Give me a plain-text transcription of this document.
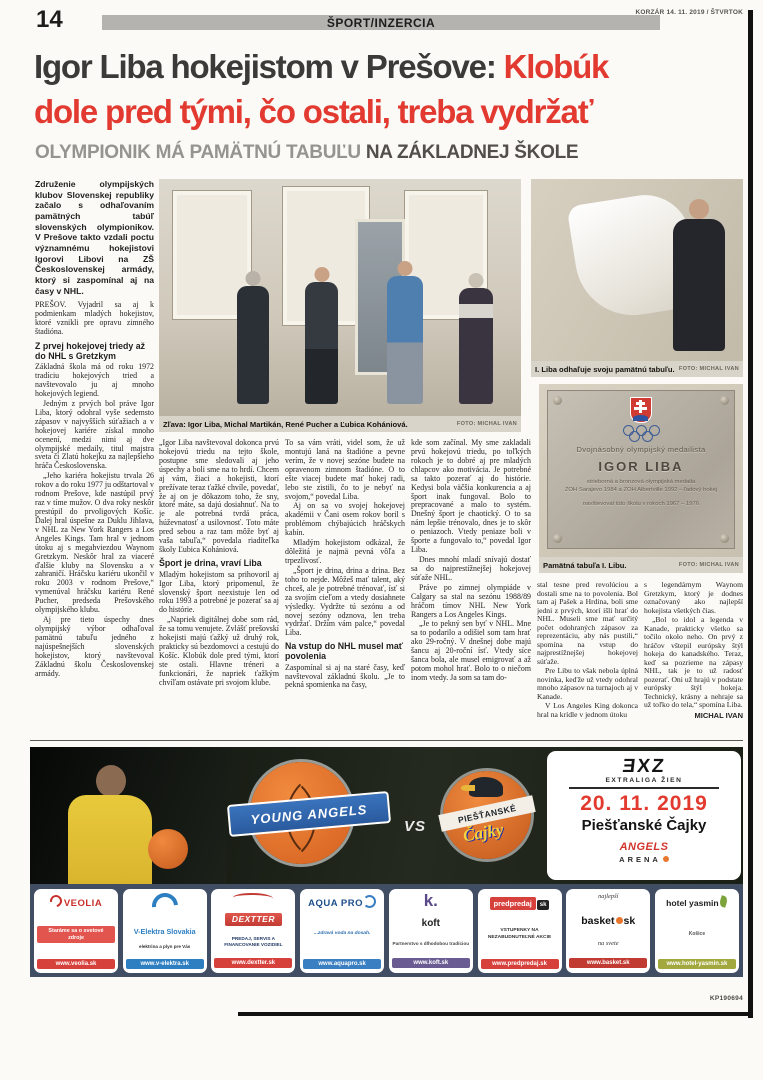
14	ŠPORT/INZERCIA
KORZÁR 14. 11. 2019 / ŠTVRTOK
Igor Liba hokejistom v Prešove: Klobúk
dole pred tými, čo ostali, treba vydržať
OLYMPIONIK MÁ PAMÄTNÚ TABUĽU NA ZÁKLADNEJ ŠKOLE

Združenie olympijských klubov Slovenskej republiky začalo s odhaľovaním pamätných tabúľ slovenských olympionikov. V Prešove takto vzdali poctu významnému hokejistovi Igorovi Libovi na ZŠ Československej armády, ktorý si zaspomínal aj na časy v NHL.

PREŠOV. Vyjadril sa aj k podmienkam mladých hokejistov, ktoré vznikli pre opravu zimného štadióna.

Z prvej hokejovej triedy až do NHL s Gretzkym

Základná škola má od roku 1972 tradíciu hokejových tried a navštevovalo ju aj mnoho hokejových legiend.

Jedným z prvých bol práve Igor Liba, ktorý odohral vyše sedemsto zápasov v najvyšších súťažiach a v hokejovej kariére získal mnoho ocenení, medzi nimi aj dve olympijské medaily, titul majstra sveta či Zlatú hokejku za najlepšieho hráča Československa.

„Jeho kariéra hokejistu trvala 26 rokov a do roku 1977 ju odštartoval v rodnom Prešove, kde nastúpil prvý raz v tíme mužov. O dva roky neskôr prestúpil do prvoligových Košíc. Ďalej hral úspešne za Duklu Jihlava, v NHL za New York Rangers a Los Angeles Kings. Tam hral v jednom útoku aj s megahviezdou Waynom Gretzkym. Neskôr hral za viaceré ďalšie kluby na Slovensku a v zahraničí. Hráčsku kariéru ukončil v roku 2003 v rodnom Prešove,“ vymenúval hráčsku kariéru René Pucher, predseda Prešovského olympijského klubu.

Aj pre tieto úspechy dnes olympijský výbor odhaľoval pamätnú tabuľu jedného z najúspešnejších slovenských hokejistov, ktorý navštevoval Základnú školu Československej armády.

„Igor Liba navštevoval dokonca prvú hokejovú triedu na tejto škole, postupne sme sledovali aj jeho úspechy a boli sme na to hrdí. Chcem aj vám, žiaci a hokejisti, ktorí prežívate teraz ťažké chvíle, povedať, že aj on je dôkazom toho, že sny, ktoré máte, sa dajú dosiahnuť. Na to je ale potrebná tvrdá práca, húževnatosť a usilovnosť. Toto máte pred sebou a raz tam môže byť aj vaša tabuľa,“ povedala riaditeľka školy Ľubica Kohániová.

Šport je drina, vraví Liba

Mladým hokejistom sa prihovoril aj Igor Liba, ktorý pripomenul, že slovenský šport neexistuje len od roku 1993 a potrebné je pozerať sa aj do histórie.

„Napriek digitálnej dobe som rád, že sa tomu venujete. Zvlášť prešovskí hokejisti majú ťažký už druhý rok, prakticky sú bezdomovci a cestujú do Košíc. Klobúk dole pred tými, ktorí ste ostali. Hlavne tréneri a funkcionári, že napriek ťažkým chvíľam ostávate pri svojom klube.

To sa vám vráti, videl som, že už montujú laná na štadióne a pevne verím, že v novej sezóne budete na opravenom zimnom štadióne. O to ešte viacej budete mať hokej radi, lebo ste zistili, čo to je nebyť na svojom,“ povedal Liba.

Aj on sa vo svojej hokejovej akadémii v Čani osem rokov boril s problémom chýbajúcich hráčskych kabín.

Mladým hokejistom odkázal, že dôležitá je najmä pevná vôľa a trpezlivosť.

„Šport je drina, drina a drina. Bez toho to nejde. Môžeš mať talent, aký chceš, ale je potrebné trénovať, ísť si za svojím cieľom a vtedy dosiahnete výsledky. Vydržte tú sezónu a od novej sezóny odznova, len treba vydržať. Držím vám palce,“ povedal Liba.

Na vstup do NHL musel mať povolenia

Zaspomínal si aj na staré časy, keď navštevoval základnú školu. „Je to pekná spomienka na časy,

kde som začínal. My sme zakladali prvú hokejovú triedu, po toľkých rokoch je to dobré aj pre mladých chlapcov ako motivácia. Je potrebné sa takto pozerať aj do histórie. Kedysi bola väčšia konkurencia a aj šport inak fungoval. Bolo to prepracované a malo to systém. Dnešný šport je chaotický. O to sa nám lepšie trénovalo, dnes je to skôr o peniazoch. Vtedy peniaze boli v športe a fungovalo to,“ povedal Igor Liba.

Dnes mnohí mladí snívajú dostať sa do najprestížnejšej hokejovej súťaže NHL.

Práve po zimnej olympiáde v Calgary sa stal na sezónu 1988/89 hráčom tímov NHL New York Rangers a Los Angeles Kings.

„Je to pekný sen byť v NHL. Mne sa to podarilo a odišiel som tam hrať ako 29-ročný. V dnešnej dobe majú šancu aj 20-roční ísť. Vtedy síce šanca bola, ale musel emigrovať a až potom mohol hrať. Bolo to o niečom inom vtedy. Ja som sa tam do-

stal tesne pred revolúciou a dostali sme na to povolenia. Bol tam aj Pašek a Hrdina, boli sme jedni z prvých, ktorí išli hrať do NHL. Museli sme mať určitý počet odohraných zápasov za reprezentáciu, aby nás pustili,“ spomína na vstup do najprestížnejšej hokejovej súťaže.

Pre Libu to však nebola úplná novinka, keďže už vtedy odohral mnoho zápasov na turnajoch aj v Kanade.

V Los Angeles King dokonca hral na krídle v jednom útoku

s legendárnym Waynom Gretzkym, ktorý je dodnes označovaný ako najlepší hokejista všetkých čias.

„Bol to idol a legenda v Kanade, prakticky všetko sa točilo okolo neho. On prvý z hráčov vštepil európsky štýl hokeja do kanadského. Teraz, keď sa pozrieme na zápasy NHL, tak je to už radosť pozerať. Oni už hrajú v podstate európsky štýl hokeja. Technický, krásny a nehraje sa už toľko do tela,“ spomína Liba.

MICHAL IVAN

Zľava: Igor Liba, Michal Martikán, René Pucher a Ľubica Kohániová.	FOTO: MICHAL IVAN
I. Liba odhaľuje svoju pamätnú tabuľu. FOTO: MICHAL IVAN
Dvojnásobný olympijský medailista
IGOR LIBA
strieborná a bronzová olympijská medaila
ZOH Sarajevo 1984 a ZOH Albertville 1992 – ľadový hokej
navštevoval túto školu v rokoch 1967 – 1976
Pamätná tabuľa I. Libu.	FOTO: MICHAL IVAN
YOUNG ANGELS VS
PIEŠŤANSKÉ
Čajky
ƎXZ
EXTRALIGA ŽIEN
20. 11. 2019
Piešťanské Čajky
ANGELS
ARENA
VEOLIA
Staráme sa o svetové zdroje
www.veolia.sk
V-Elektra Slovakia
elektrina a plyn pre Vás
www.v-elektra.sk
DEXTTER
PREDAJ, SERVIS A FINANCOVANIE VOZIDIEL
www.dextter.sk
AQUA PRO
...zdravá voda na dosah.
www.aquapro.sk
k.
koft
Partnerstvo s dlhodobou tradíciou
www.koft.sk
predpredaj sk
VSTUPENKY NA NEZABUDNUTEĽNÉ AKCIE
www.predpredaj.sk
najlepší
basket sk
na svete
www.basket.sk
hotel yasmin
Košice
www.hotel-yasmin.sk
KP190694
